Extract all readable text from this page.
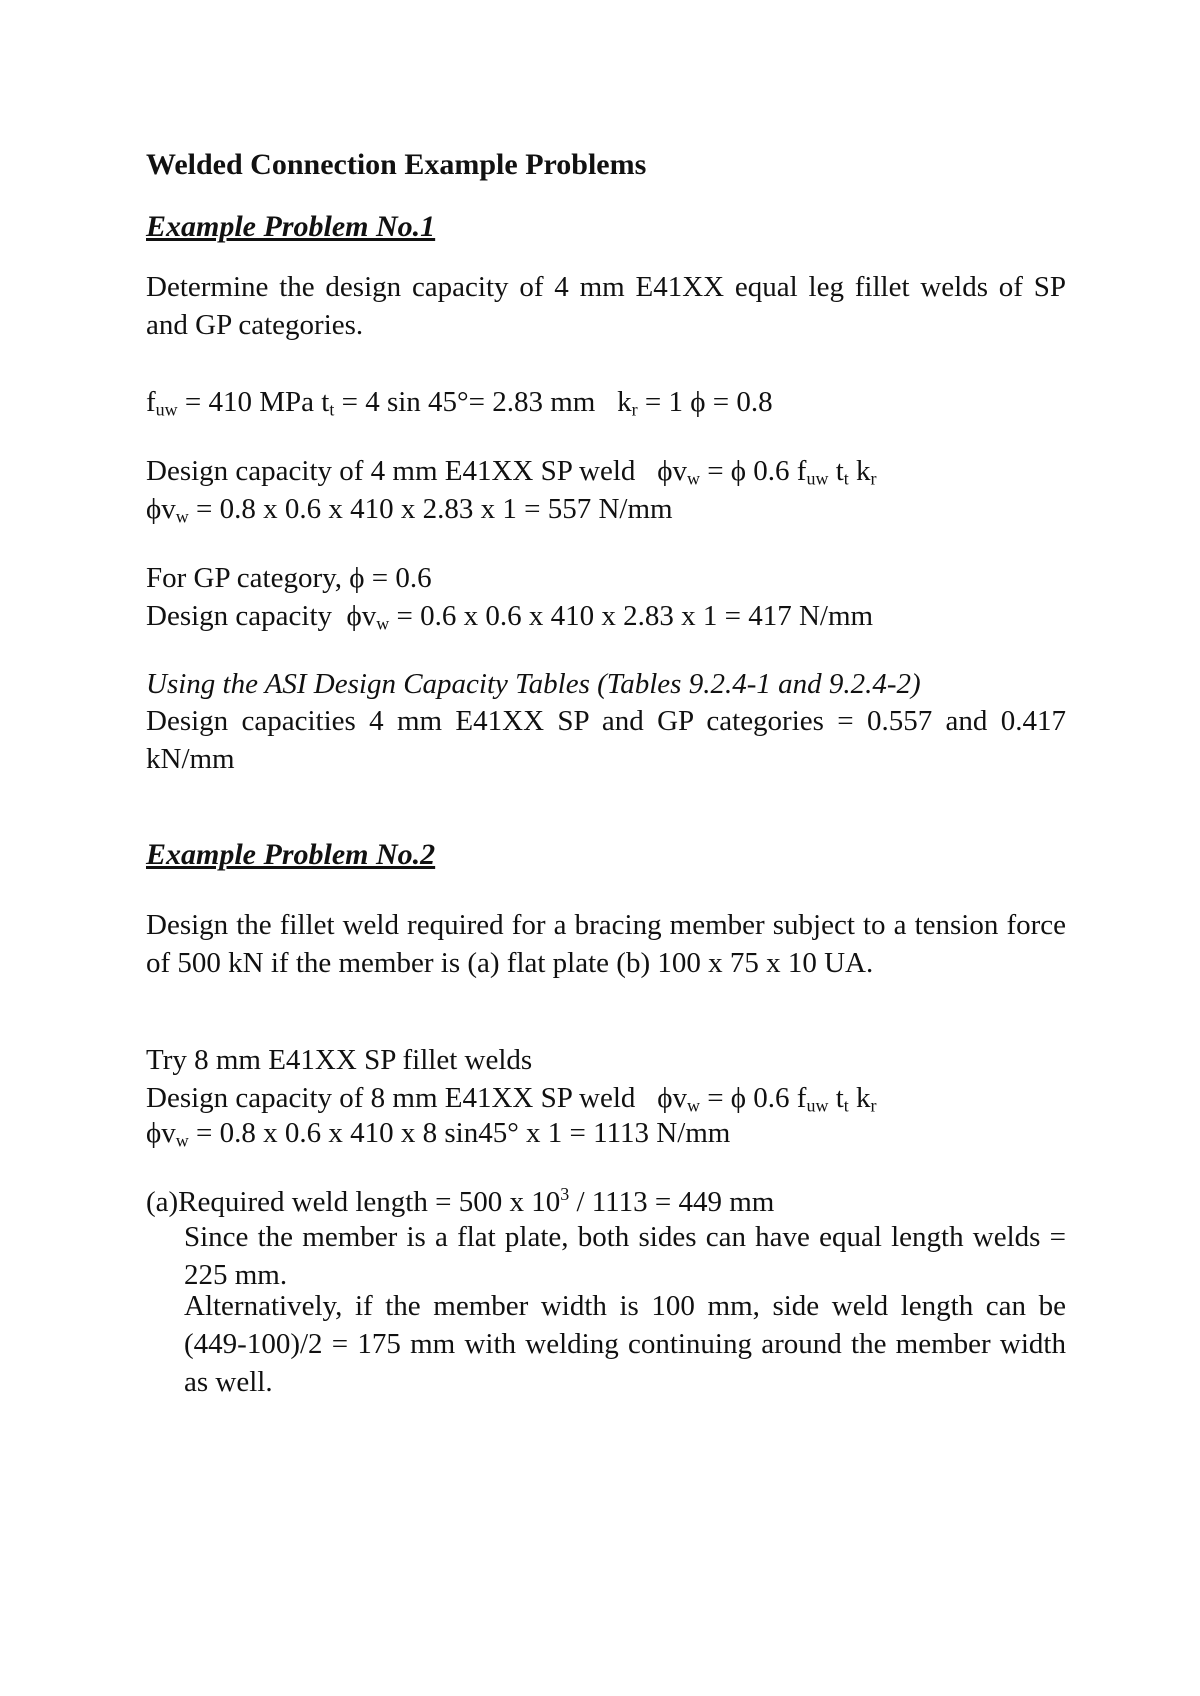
Welded Connection Example Problems
Example Problem No.1
Determine the design capacity of 4 mm E41XX equal leg fillet welds of SP and GP categories.
$f_{uw} = 410$ MPa $t_t = 4$ sin 45°= 2.83 mm   $k_r = 1$ ϕ = 0.8
Design capacity of 4 mm E41XX SP weld   $\phi v_w = \phi$ 0.6 $f_{uw}$ $t_t$ $k_r$
$\phi v_w = 0.8$ x 0.6 x 410 x 2.83 x 1 = 557 N/mm
For GP category, ϕ = 0.6
Design capacity  $\phi v_w = 0.6$ x 0.6 x 410 x 2.83 x 1 = 417 N/mm
Using the ASI Design Capacity Tables (Tables 9.2.4-1 and 9.2.4-2)
Design capacities 4 mm E41XX SP and GP categories = 0.557 and 0.417 kN/mm
Example Problem No.2
Design the fillet weld required for a bracing member subject to a tension force of 500 kN if the member is (a) flat plate (b) 100 x 75 x 10 UA.
Try 8 mm E41XX SP fillet welds
Design capacity of 8 mm E41XX SP weld   $\phi v_w = \phi$ 0.6 $f_{uw}$ $t_t$ $k_r$
$\phi v_w = 0.8$ x 0.6 x 410 x 8 sin45° x 1 = 1113 N/mm
(a)Required weld length = 500 x $10^3 / 1113 = 449$ mm
Since the member is a flat plate, both sides can have equal length welds = 225 mm.
Alternatively, if the member width is 100 mm, side weld length can be (449-100)/2 = 175 mm with welding continuing around the member width as well.
